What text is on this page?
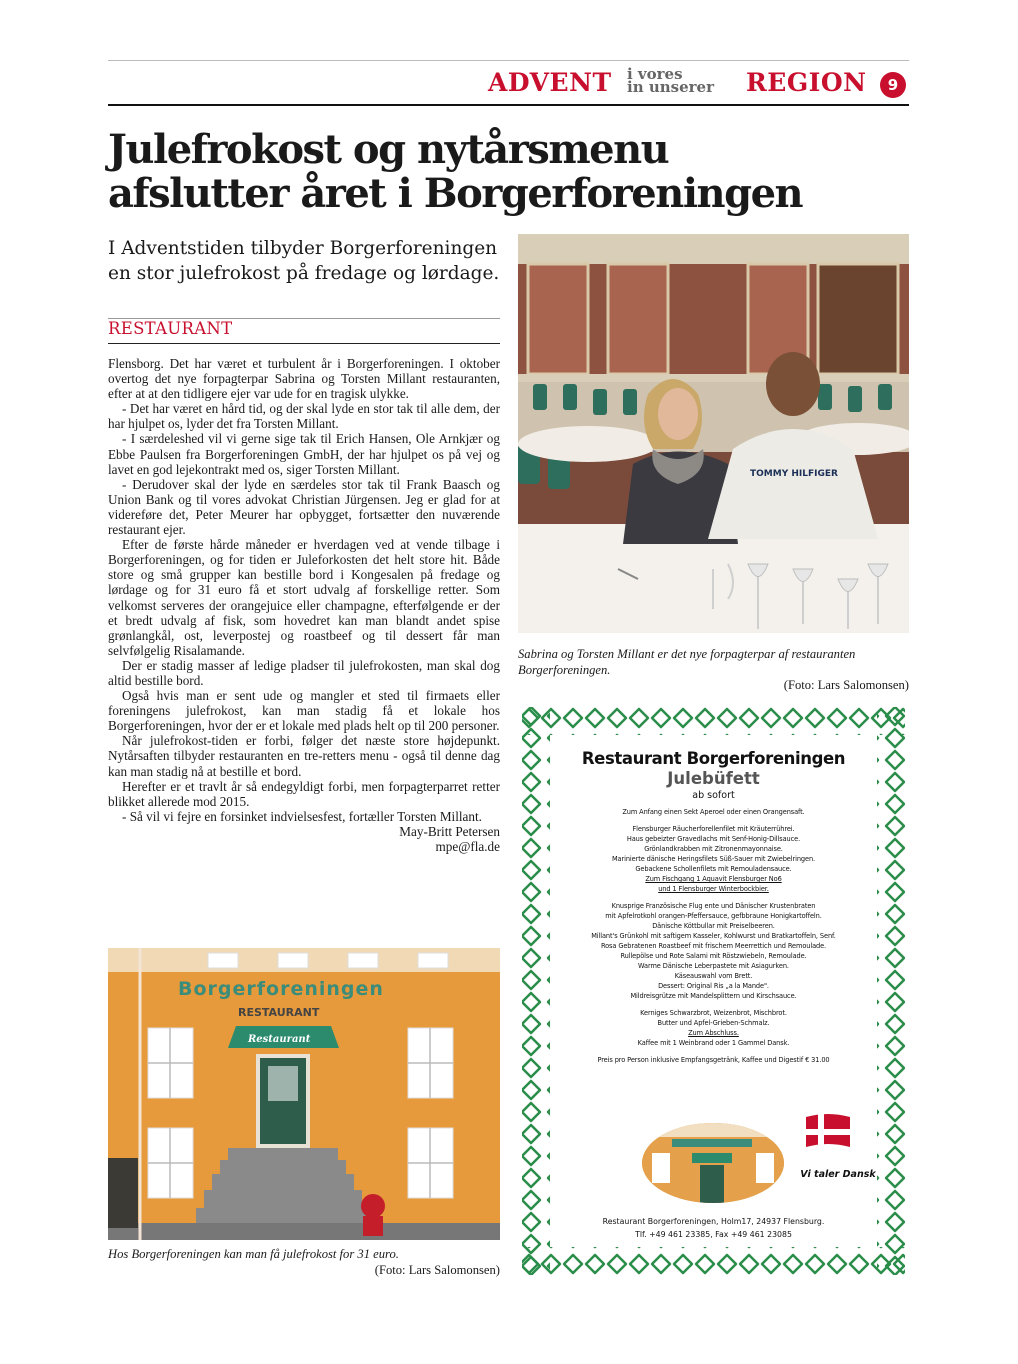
ADVENT i vores
in unserer REGION	9
Julefrokost og nytårsmenu
afslutter året i Borgerforeningen
I Adventstiden tilbyder Borgerforeningen
en stor julefrokost på fredage og lørdage.
RESTAURANT

Flensborg. Det har været et turbulent år i Borgerforeningen. I oktober overtog det nye forpagterpar Sabrina og Torsten Millant restauranten, efter at at den tidligere ejer var ude for en tragisk ulykke.

- Det har været en hård tid, og der skal lyde en stor tak til alle dem, der har hjulpet os, lyder det fra Torsten Millant.

- I særdeleshed vil vi gerne sige tak til Erich Hansen, Ole Arnkjær og Ebbe Paulsen fra Borgerforeningen GmbH, der har hjulpet os på vej og lavet en god lejekontrakt med os, siger Torsten Millant.

- Derudover skal der lyde en særdeles stor tak til Frank Baasch og Union Bank og til vores advokat Christian Jürgensen. Jeg er glad for at videreføre det, Peter Meurer har opbygget, fortsætter den nuværende restaurant ejer.

Efter de første hårde måneder er hverdagen ved at vende tilbage i Borgerforeningen, og for tiden er Juleforkosten det helt store hit. Både store og små grupper kan bestille bord i Kongesalen på fredage og lørdage og for 31 euro få et stort udvalg af forskellige retter. Som velkomst serveres der orangejuice eller champagne, efterfølgende er der et bredt udvalg af fisk, som hovedret kan man blandt andet spise grønlangkål, ost, leverpostej og roastbeef og til dessert får man selvfølgelig Risalamande.

Der er stadig masser af ledige pladser til julefrokosten, man skal dog altid bestille bord.

Også hvis man er sent ude og mangler et sted til firmaets eller foreningens julefrokost, kan man stadig få et lokale hos Borgerforeningen, hvor der er et lokale med plads helt op til 200 personer.

Når julefrokost-tiden er forbi, følger det næste store højdepunkt. Nytårsaften tilbyder restauranten en tre-retters menu - også til denne dag kan man stadig nå at bestille et bord.

Herefter er et travlt år så endegyldigt forbi, men forpagterparret retter blikket allerede mod 2015.

- Så vil vi fejre en forsinket indvielsesfest, fortæller Torsten Millant.

May-Britt Petersen

mpe@fla.de

TOMMY HILFIGER

Sabrina og Torsten Millant er det nye forpagterpar af restauranten Borgerforeningen.
(Foto: Lars Salomonsen)

Borgerforeningen
RESTAURANT
Restaurant

Hos Borgerforeningen kan man få julefrokost for 31 euro.
(Foto: Lars Salomonsen)

Restaurant Borgerforeningen
Julebüfett
ab sofort
Zum Anfang einen Sekt Aperoel oder einen Orangensaft.
Flensburger Räucherforellenfilet mit Kräuterrührei.
Haus gebeizter Gravedlachs mit Senf-Honig-Dillsauce.
Grönlandkrabben mit Zitronenmayonnaise.
Marinierte dänische Heringsfilets Süß-Sauer mit Zwiebelringen.
Gebackene Schollenfilets mit Remouladensauce.
Zum Fischgang 1 Aquavit Flensburger No6
und 1 Flensburger Winterbockbier.
Knusprige Französische Flug ente und Dänischer Krustenbraten
mit Apfelrotkohl orangen-Pfeffersauce, gefbbraune Honigkartoffeln.
Dänische Köttbullar mit Preiselbeeren.
Millant's Grünkohl mit saftigem Kasseler, Kohlwurst und Bratkartoffeln, Senf.
Rosa Gebratenen Roastbeef mit frischem Meerrettich und Remoulade.
Rullepölse und Rote Salami mit Röstzwiebeln, Remoulade.
Warme Dänische Leberpastete mit Asiagurken.
Käseauswahl vom Brett.
Dessert: Original Ris „a la Mande".
Mildreisgrütze mit Mandelsplittern und Kirschsauce.
Kerniges Schwarzbrot, Weizenbrot, Mischbrot.
Butter und Apfel-Grieben-Schmalz.
Zum Abschluss.
Kaffee mit 1 Weinbrand oder 1 Gammel Dansk.
Preis pro Person inklusive Empfangsgetränk, Kaffee und Digestif € 31.00
Vi taler Dansk
Restaurant Borgerforeningen, Holm17, 24937 Flensburg.
Tlf. +49 461 23385, Fax +49 461 23085
